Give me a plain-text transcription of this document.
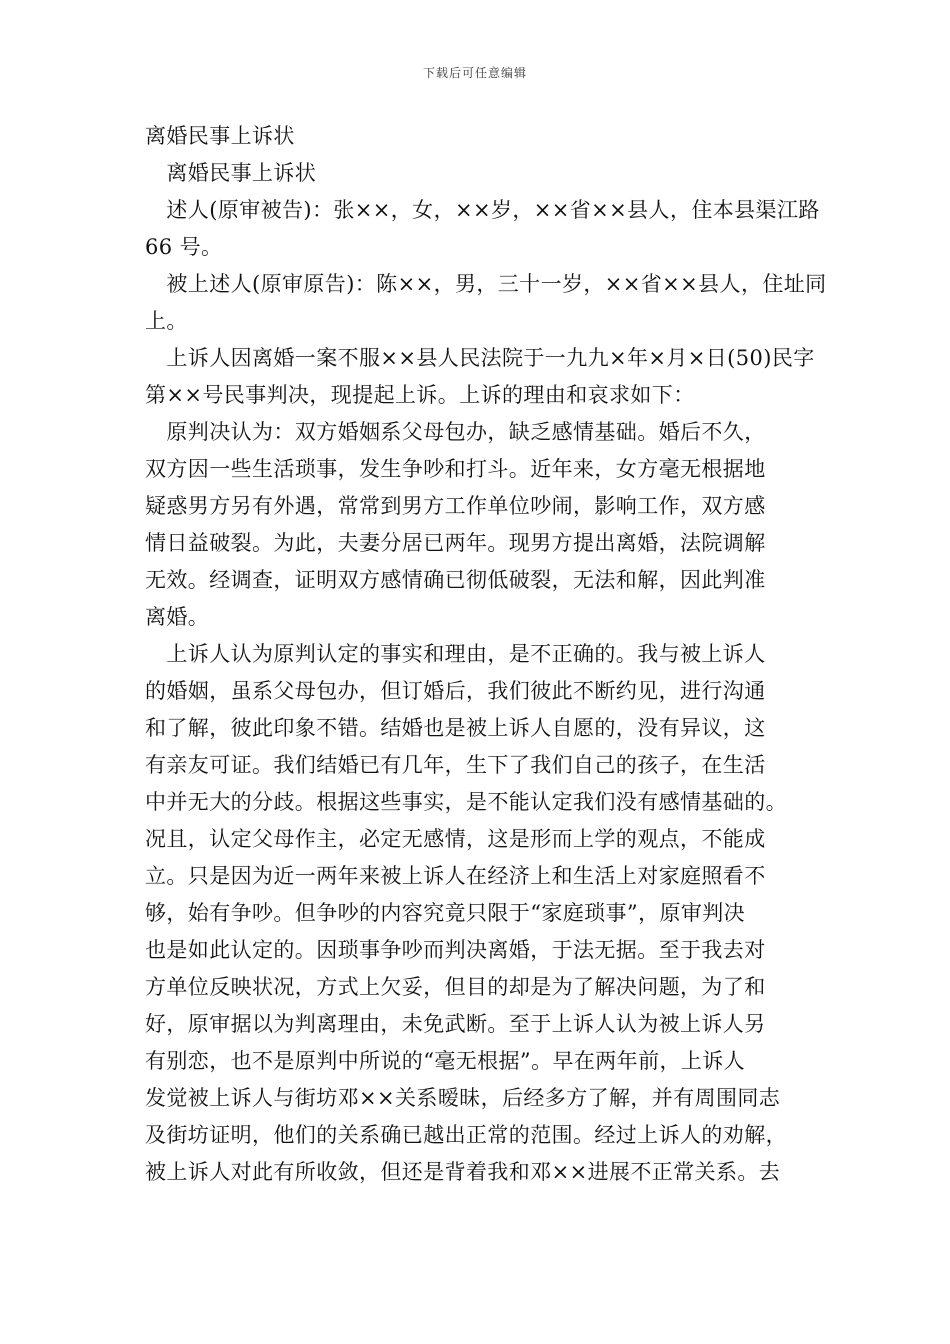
下载后可任意编辑
离婚民事上诉状
　离婚民事上诉状
　述人(原审被告)：张××，女，××岁，××省××县人，住本县渠江路
66 号。
　被上述人(原审原告)：陈××，男，三十一岁，××省××县人，住址同
上。
　上诉人因离婚一案不服××县人民法院于一九九×年×月×日(50)民字
第××号民事判决，现提起上诉。上诉的理由和哀求如下：
　原判决认为：双方婚姻系父母包办，缺乏感情基础。婚后不久，
双方因一些生活琐事，发生争吵和打斗。近年来，女方毫无根据地
疑惑男方另有外遇，常常到男方工作单位吵闹，影响工作，双方感
情日益破裂。为此，夫妻分居已两年。现男方提出离婚，法院调解
无效。经调查，证明双方感情确已彻低破裂，无法和解，因此判准
离婚。
　上诉人认为原判认定的事实和理由，是不正确的。我与被上诉人
的婚姻，虽系父母包办，但订婚后，我们彼此不断约见，进行沟通
和了解，彼此印象不错。结婚也是被上诉人自愿的，没有异议，这
有亲友可证。我们结婚已有几年，生下了我们自己的孩子，在生活
中并无大的分歧。根据这些事实，是不能认定我们没有感情基础的。
况且，认定父母作主，必定无感情，这是形而上学的观点，不能成
立。只是因为近一两年来被上诉人在经济上和生活上对家庭照看不
够，始有争吵。但争吵的内容究竟只限于“家庭琐事”，原审判决
也是如此认定的。因琐事争吵而判决离婚，于法无据。至于我去对
方单位反映状况，方式上欠妥，但目的却是为了解决问题，为了和
好，原审据以为判离理由，未免武断。至于上诉人认为被上诉人另
有别恋，也不是原判中所说的“毫无根据”。早在两年前，上诉人
发觉被上诉人与街坊邓××关系暧昧，后经多方了解，并有周围同志
及街坊证明，他们的关系确已越出正常的范围。经过上诉人的劝解，
被上诉人对此有所收敛，但还是背着我和邓××进展不正常关系。去
